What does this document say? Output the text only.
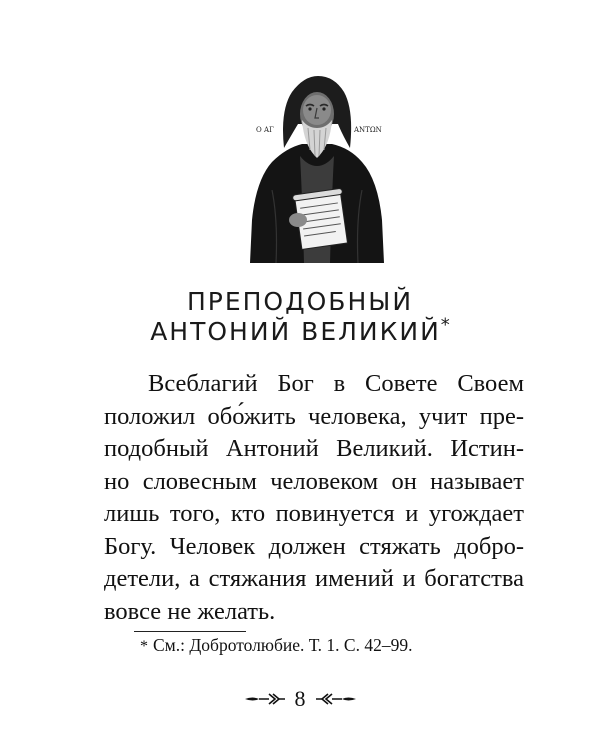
Ο ΑΓ	ΑΝΤΩΝ
ПРЕПОДОБНЫЙ
АНТОНИЙ ВЕЛИКИЙ*
Всеблагий Бог в Совете Своем
положил обо́жить человека, учит пре-
подобный Антоний Великий. Истин-
но словесным человеком он называет
лишь того, кто повинуется и угождает
Богу. Человек должен стяжать добро-
детели, а стяжания имений и богатства
вовсе не желать.
* См.: Добротолюбие. Т. 1. С. 42–99.
8
